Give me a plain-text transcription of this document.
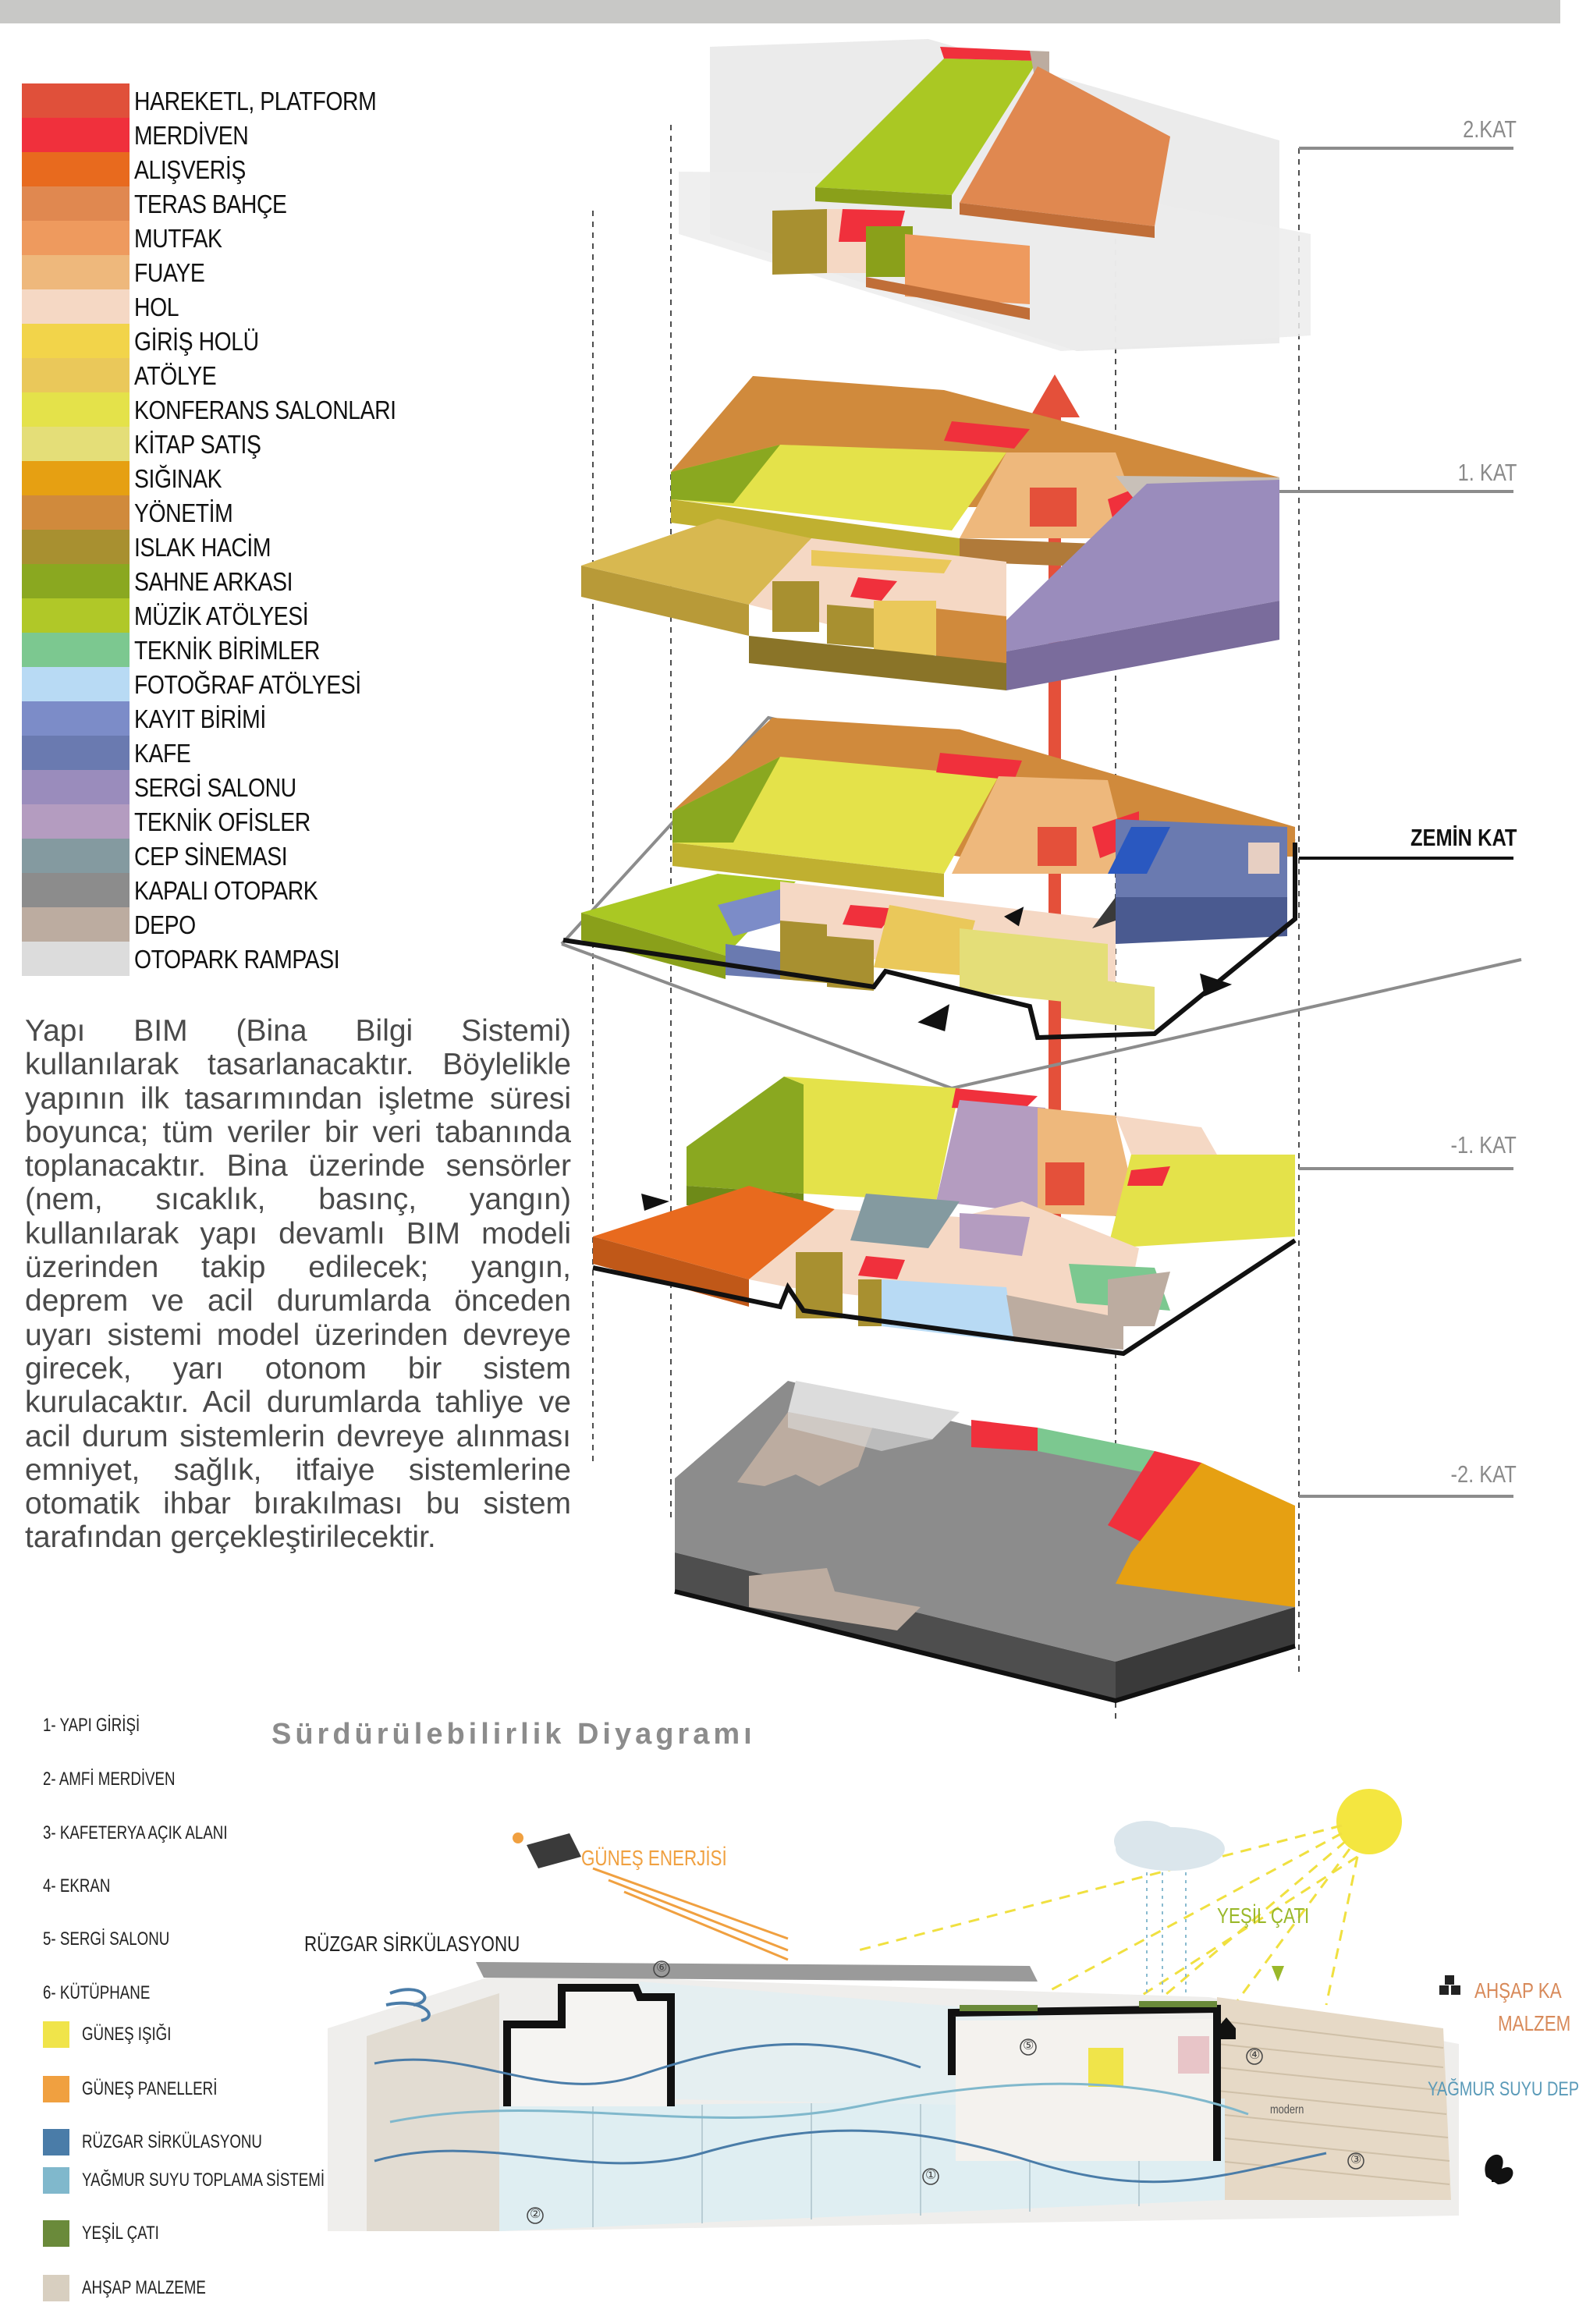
HAREKETL, PLATFORM
MERDİVEN
ALIŞVERİŞ
TERAS BAHÇE
MUTFAK
FUAYE
HOL
GİRİŞ HOLÜ
ATÖLYE
KONFERANS SALONLARI
KİTAP SATIŞ
SIĞINAK
YÖNETİM
ISLAK HACİM
SAHNE ARKASI
MÜZİK ATÖLYESİ
TEKNİK BİRİMLER
FOTOĞRAF ATÖLYESİ
KAYIT BİRİMİ
KAFE
SERGİ SALONU
TEKNİK OFİSLER
CEP SİNEMASI
KAPALI OTOPARK
DEPO
OTOPARK RAMPASI
Yapı BIM (Bina Bilgi Sistemi) kullanılarak tasarlanacaktır. Böylelikle yapının ilk tasarımından işletme süresi boyunca; tüm veriler bir veri tabanında toplanacaktır. Bina üzerinde sensörler (nem, sıcaklık, basınç, yangın) kullanılarak yapı devamlı BIM modeli üzerinden takip edilecek; yangın, deprem ve acil durumlarda önceden uyarı sistemi model üzerinden devreye girecek, yarı otonom bir sistem kurulacaktır. Acil durumlarda tahliye ve acil durum sistemlerin devreye alınması emniyet, sağlık, itfaiye sistemlerine otomatik ihbar bırakılması bu sistem tarafından gerçekleştirilecektir.
2.KAT
1. KAT
ZEMİN KAT
-1. KAT
-2. KAT
1- YAPI GİRİŞİ
2- AMFİ MERDİVEN
3- KAFETERYA AÇIK ALANI
4- EKRAN
5- SERGİ SALONU
6- KÜTÜPHANE
GÜNEŞ IŞIĞI
GÜNEŞ PANELLERİ
RÜZGAR SİRKÜLASYONU
YAĞMUR SUYU TOPLAMA SİSTEMİ
YEŞİL ÇATI
AHŞAP MALZEME
Sürdürülebilirlik Diyagramı
GÜNEŞ ENERJİSİ
RÜZGAR SİRKÜLASYONU
YEŞİL ÇATI
AHŞAP KA
MALZEM
YAĞMUR SUYU DEP
modern
①
②
③
④
⑤
⑥
